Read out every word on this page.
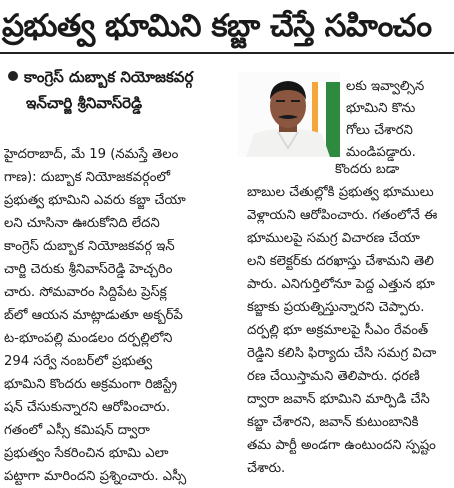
ప్రభుత్వ భూమిని కబ్జా చేస్తే సహించం
కాంగ్రెస్ దుబ్బాక నియోజకవర్గ
ఇన్‌చార్జి శ్రీనివాస్‌రెడ్డి
హైదరాబాద్, మే 19 (నమస్తే తెలం
గాణ): దుబ్బాక నియోజకవర్గంలో
ప్రభుత్వ భూమిని ఎవరు కబ్జా చేయా
లని చూసినా ఊరుకోనిది లేదని
కాంగ్రెస్ దుబ్బాక నియోజకవర్గ ఇన్
చార్జి చెరుకు శ్రీనివాస్‌రెడ్డి హెచ్చరిం
చారు. సోమవారం సిద్దిపేట ప్రెస్‌క్ల
బ్‌లో ఆయన మాట్లాడుతూ అక్బర్‌పే
ట-భూంపల్లి మండలం దర్పల్లిలోని
294 సర్వే నంబర్‌లో ప్రభుత్వ
భూమిని కొందరు అక్రమంగా రిజిస్ట్రే
షన్ చేసుకున్నారని ఆరోపించారు.
గతంలో ఎస్సీ కమిషన్ ద్వారా
ప్రభుత్వం సేకరించిన భూమి ఎలా
పట్టాగా మారిందని ప్రశ్నించారు. ఎస్సీ
లకు ఇవ్వాల్సిన
భూమిని కొను
గోలు చేశారని
మండిపడ్డారు.
కొందరు బడా
బాబుల చేతుల్లోకి ప్రభుత్వ భూములు
వెళ్లాయని ఆరోపించారు. గతంలోనే ఈ
భూములపై సమగ్ర విచారణ చేయా
లని కలెక్టర్‌కు దరఖాస్తు చేశామని తెలి
పారు. ఎనిగుర్తిలోనూ పెద్ద ఎత్తున భూ
కబ్జాకు ప్రయత్నిస్తున్నారని చెప్పారు.
దర్పల్లి భూ అక్రమాలపై సీఎం రేవంత్
రెడ్డిని కలిసి ఫిర్యాదు చేసి సమగ్ర విచా
రణ చేయిస్తామని తెలిపారు. ధరణి
ద్వారా జవాన్ భూమిని మార్పిడి చేసి
కబ్జా చేశారని, జవాన్ కుటుంబానికి
తమ పార్టీ అండగా ఉంటుందని స్పష్టం
చేశారు.
